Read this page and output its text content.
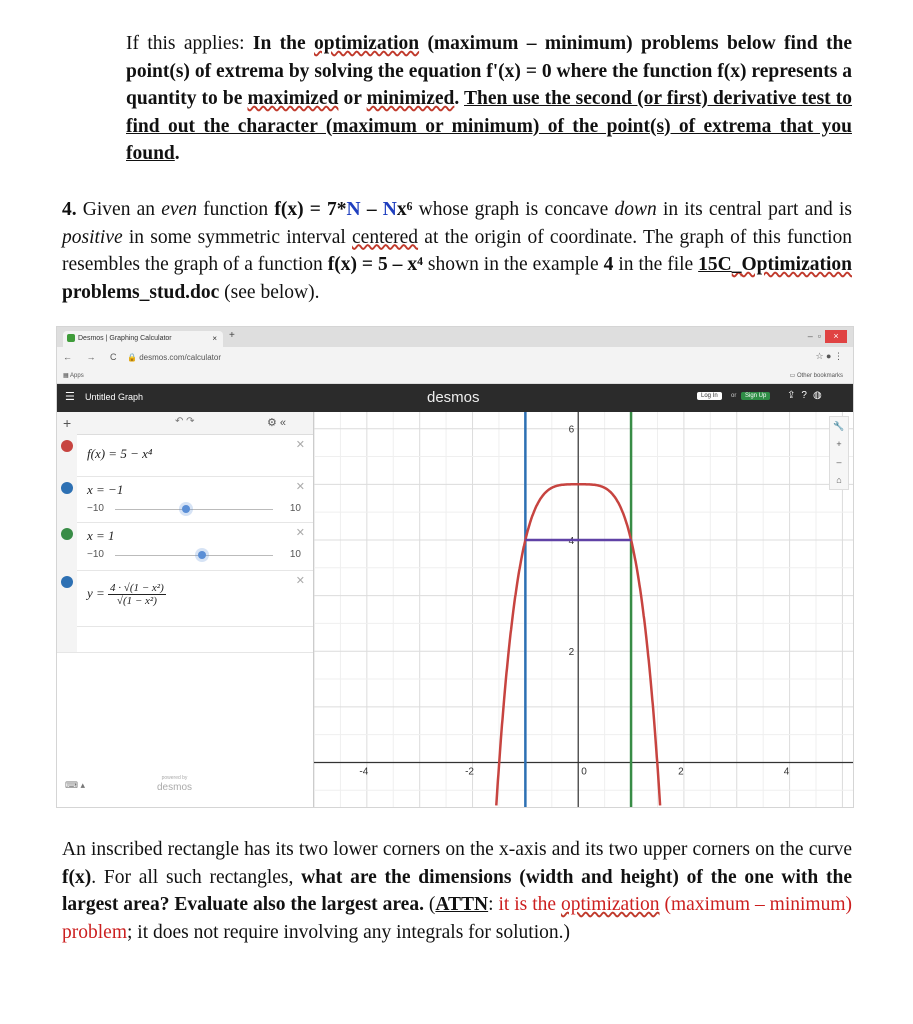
If this applies: In the optimization (maximum – minimum) problems below find the point(s) of extrema by solving the equation f'(x) = 0 where the function f(x) represents a quantity to be maximized or minimized. Then use the second (or first) derivative test to find out the character (maximum or minimum) of the point(s) of extrema that you found.
4. Given an even function f(x) = 7*N – Nx⁶ whose graph is concave down in its central part and is positive in some symmetric interval centered at the origin of coordinate. The graph of this function resembles the graph of a function f(x) = 5 – x⁴ shown in the example 4 in the file 15C_Optimization problems_stud.doc (see below).
Desmos | Graphing Calculator	× +	– ▫ ×
← → C 🔒 desmos.com/calculator	☆ ● ⋮
▦ Apps	▭ Other bookmarks
☰ Untitled Graph	desmos	Log In	or	Sign Up	⇪?◍
+	↶ ↷	⚙ «
f(x) = 5 − x⁴
✕
x = −1	✕
−10	10
x = 1	✕
−10	10
$y = \frac{\text{4 · √(1 − x²)}}{\text{√(1 − x²)}}$
✕
⌨ ▴
powered by
desmos
-4	-2	0	2	4
2
4
6	🔧
+
–
⌂
An inscribed rectangle has its two lower corners on the x-axis and its two upper corners on the curve f(x). For all such rectangles, what are the dimensions (width and height) of the one with the largest area? Evaluate also the largest area. (ATTN: it is the optimization (maximum – minimum) problem; it does not require involving any integrals for solution.)
